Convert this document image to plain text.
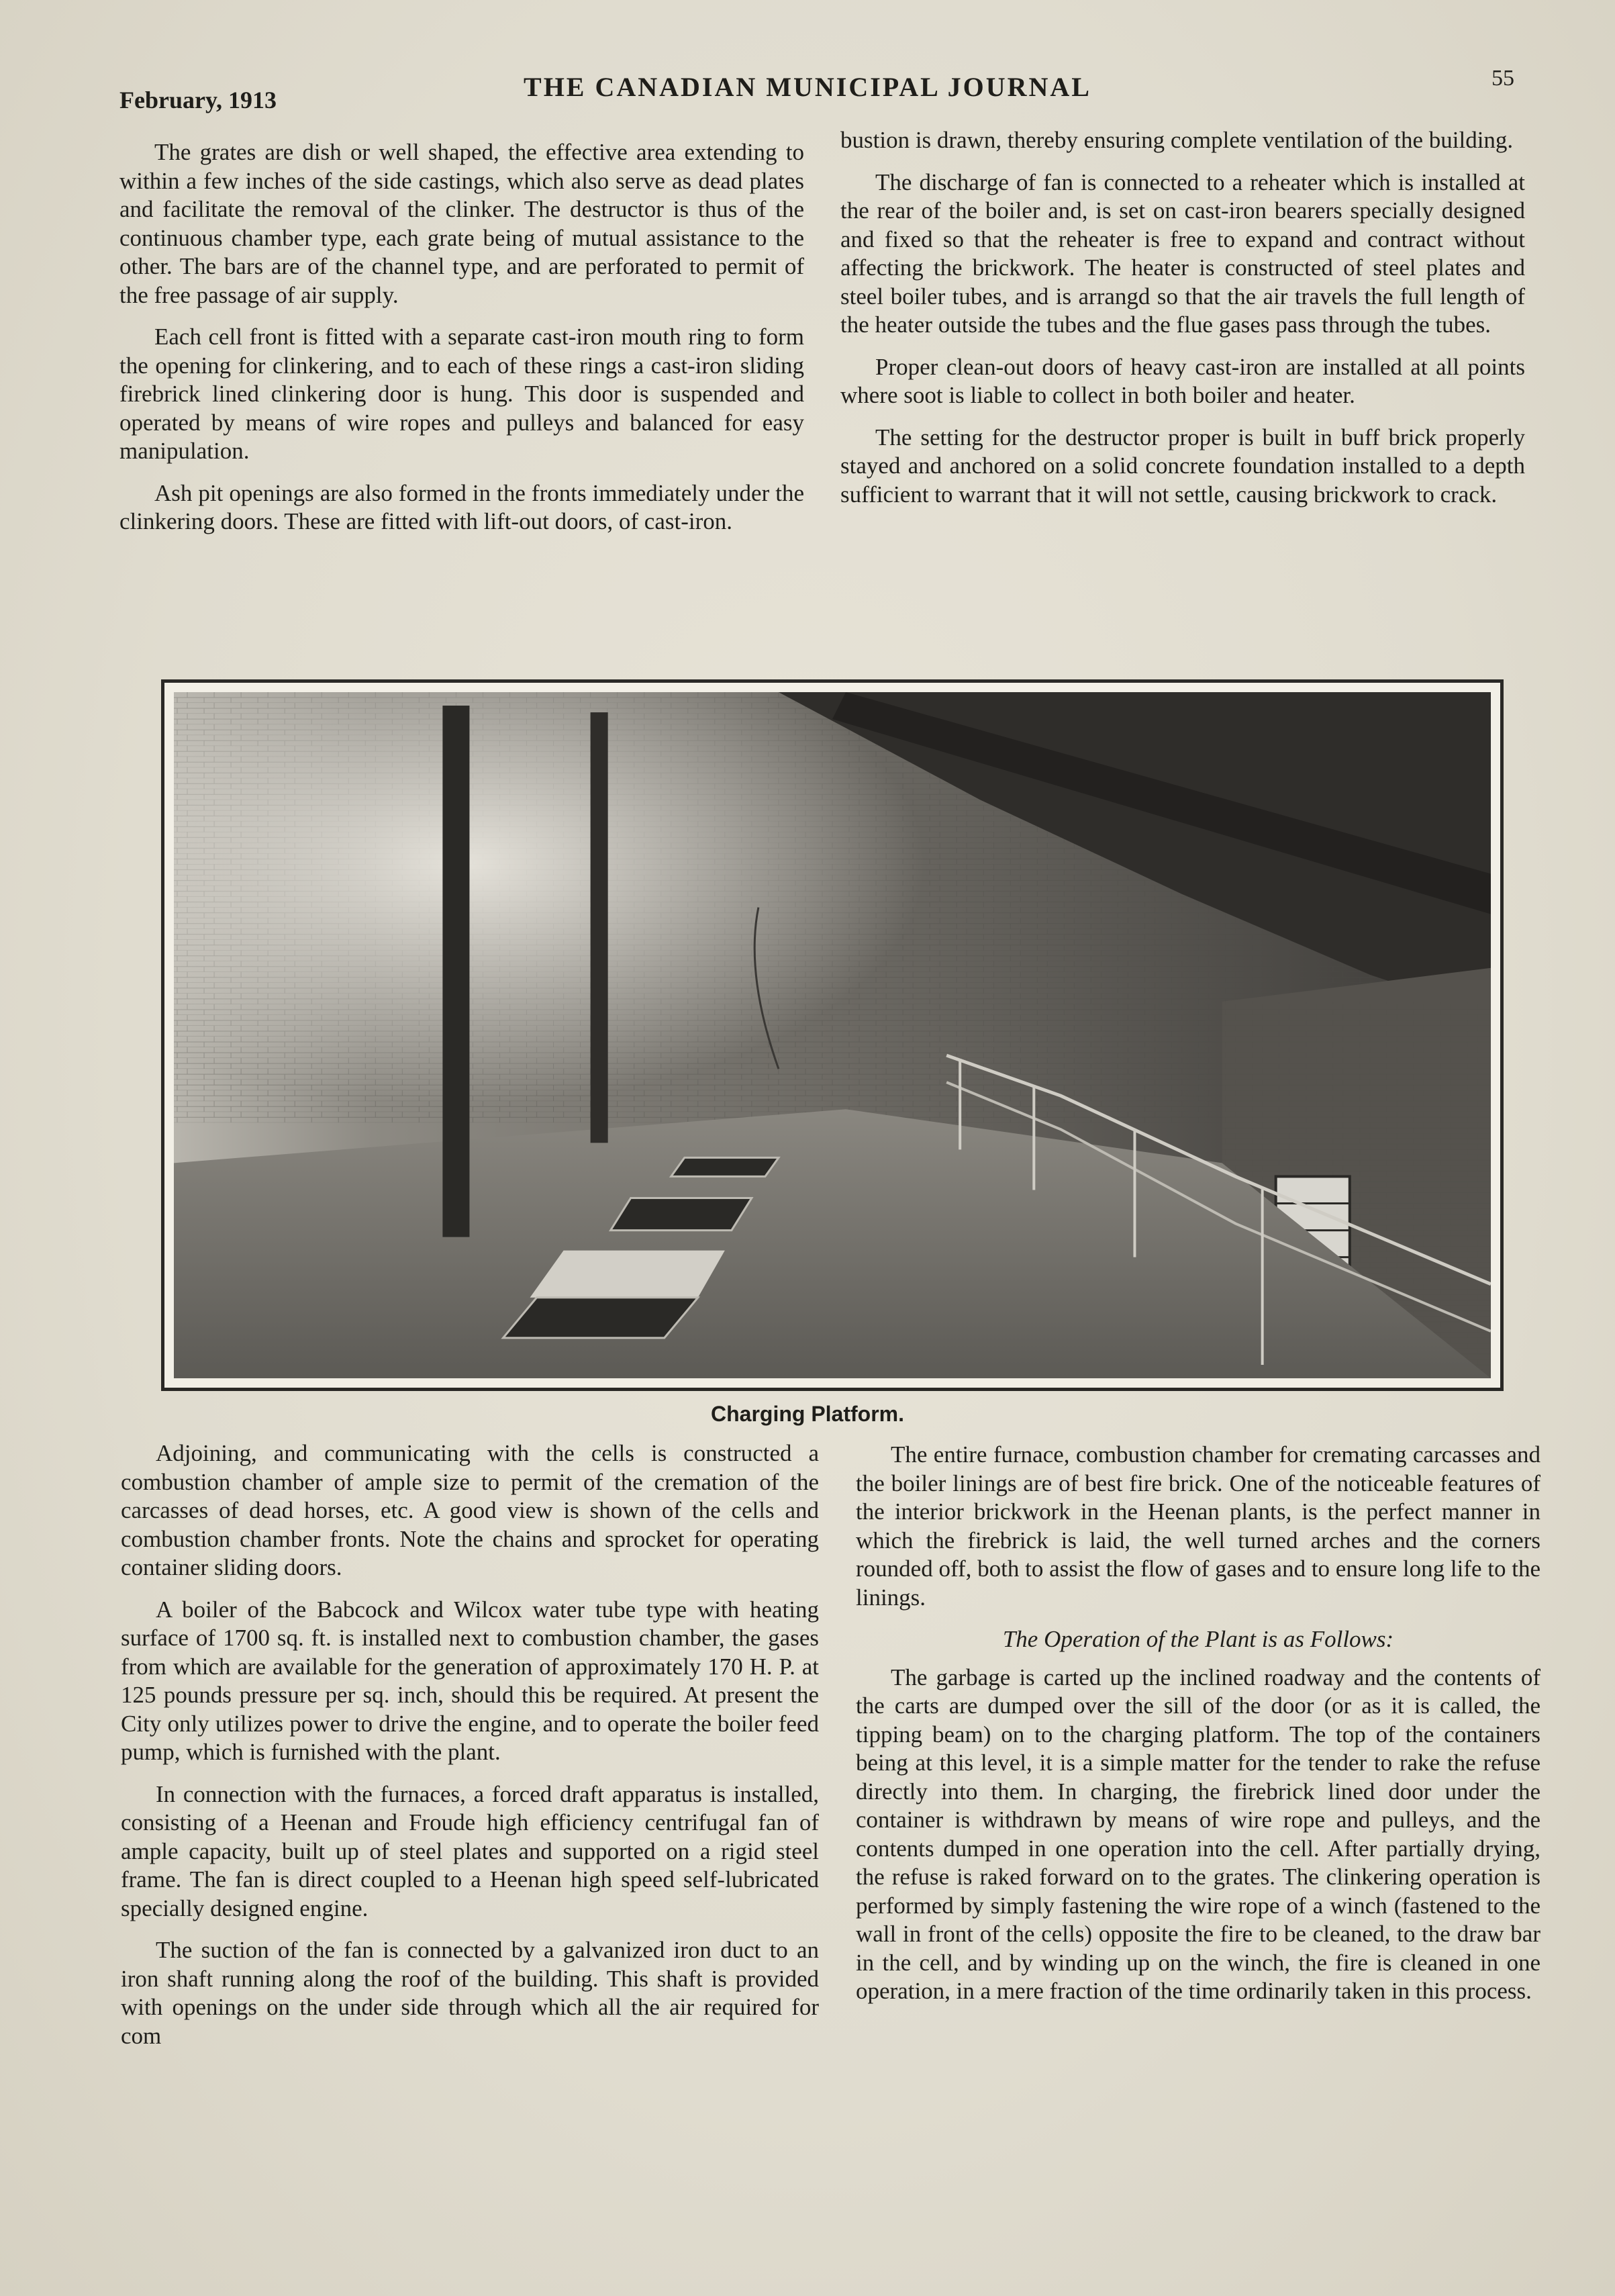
February, 1913	THE CANADIAN MUNICIPAL JOURNAL	55

The grates are dish or well shaped, the effective area extending to within a few inches of the side castings, which also serve as dead plates and facilitate the removal of the clinker. The destructor is thus of the continuous chamber type, each grate being of mutual assistance to the other. The bars are of the channel type, and are perforated to permit of the free passage of air supply.

Each cell front is fitted with a separate cast-iron mouth ring to form the opening for clinkering, and to each of these rings a cast-iron sliding firebrick lined clinkering door is hung. This door is suspended and operated by means of wire ropes and pulleys and balanced for easy manipulation.

Ash pit openings are also formed in the fronts immediately under the clinkering doors. These are fitted with lift-out doors, of cast-iron.

bustion is drawn, thereby ensuring complete ventilation of the building.

The discharge of fan is connected to a reheater which is installed at the rear of the boiler and, is set on cast-iron bearers specially designed and fixed so that the reheater is free to expand and contract without affecting the brickwork. The heater is constructed of steel plates and steel boiler tubes, and is arrangd so that the air travels the full length of the heater outside the tubes and the flue gases pass through the tubes.

Proper clean-out doors of heavy cast-iron are installed at all points where soot is liable to collect in both boiler and heater.

The setting for the destructor proper is built in buff brick properly stayed and anchored on a solid concrete foundation installed to a depth sufficient to warrant that it will not settle, causing brickwork to crack.

Charging Platform.

Adjoining, and communicating with the cells is constructed a combustion chamber of ample size to permit of the cremation of the carcasses of dead horses, etc. A good view is shown of the cells and combustion chamber fronts. Note the chains and sprocket for operating container sliding doors.

A boiler of the Babcock and Wilcox water tube type with heating surface of 1700 sq. ft. is installed next to combustion chamber, the gases from which are available for the generation of approximately 170 H. P. at 125 pounds pressure per sq. inch, should this be required. At present the City only utilizes power to drive the engine, and to operate the boiler feed pump, which is furnished with the plant.

In connection with the furnaces, a forced draft apparatus is installed, consisting of a Heenan and Froude high efficiency centrifugal fan of ample capacity, built up of steel plates and supported on a rigid steel frame. The fan is direct coupled to a Heenan high speed self-lubricated specially designed engine.

The suction of the fan is connected by a galvanized iron duct to an iron shaft running along the roof of the building. This shaft is provided with openings on the under side through which all the air required for com

The entire furnace, combustion chamber for cremating carcasses and the boiler linings are of best fire brick. One of the noticeable features of the interior brickwork in the Heenan plants, is the perfect manner in which the firebrick is laid, the well turned arches and the corners rounded off, both to assist the flow of gases and to ensure long life to the linings.

The Operation of the Plant is as Follows:

The garbage is carted up the inclined roadway and the contents of the carts are dumped over the sill of the door (or as it is called, the tipping beam) on to the charging platform. The top of the containers being at this level, it is a simple matter for the tender to rake the refuse directly into them. In charging, the firebrick lined door under the container is withdrawn by means of wire rope and pulleys, and the contents dumped in one operation into the cell. After partially drying, the refuse is raked forward on to the grates. The clinkering operation is performed by simply fastening the wire rope of a winch (fastened to the wall in front of the cells) opposite the fire to be cleaned, to the draw bar in the cell, and by winding up on the winch, the fire is cleaned in one operation, in a mere fraction of the time ordinarily taken in this process.
